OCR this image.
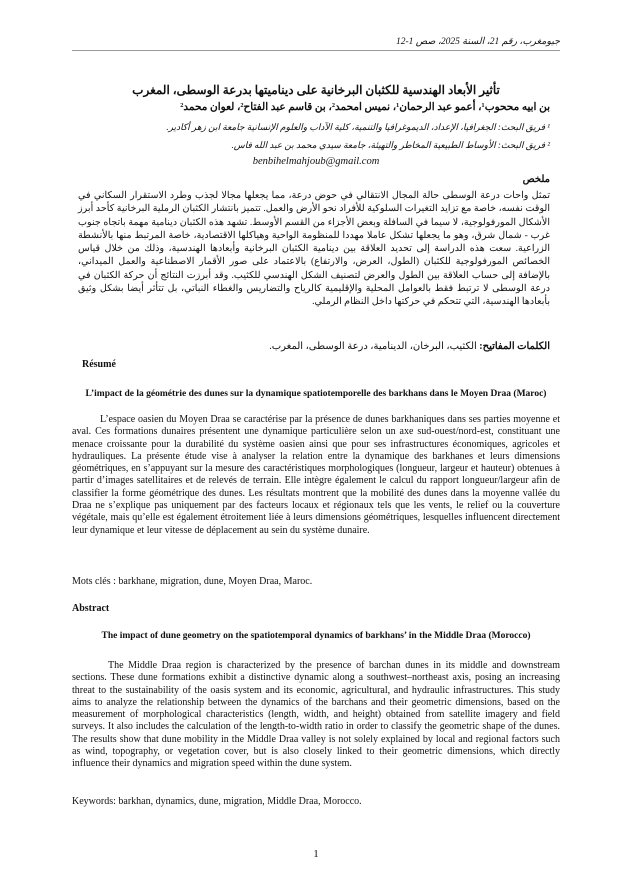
جيومغرب، رقم 21، السنة 2025، صص 1-12
تأثير الأبعاد الهندسية للكثبان البرخانية على ديناميتها بدرعة الوسطى، المغرب
بن ابيه مححوب¹، أعمو عبد الرحمان¹، نميس امحمد²، بن قاسم عبد الفتاح²، لعوان محمد²
¹ فريق البحث: الجغرافيا، الإعداد، الديموغرافيا والتنمية، كلية الآداب والعلوم الإنسانية جامعة ابن زهر أكادير.
² فريق البحث: الأوساط الطبيعية المخاطر والتهيئة، جامعة سيدي محمد بن عبد الله فاس.
benbihelmahjoub@gmail.com
ملخص
تمثل واحات درعة الوسطى حالة المجال الانتقالي في حوض درعة، مما يجعلها مجالا لجذب وطرد الاستقرار السكاني في الوقت نفسه، خاصة مع تزايد التغيرات السلوكية للأفراد نحو الأرض والعمل. تتميز بانتشار الكثبان الرملية البرخانية كأحد أبرز الأشكال المورفولوجية، لا سيما في السافلة وبعض الأجزاء من القسم الأوسط. تشهد هذه الكثبان دينامية مهمة باتجاه جنوب غرب - شمال شرق، وهو ما يجعلها تشكل عاملا مهددا للمنظومة الواحية وهياكلها الاقتصادية، خاصة المرتبط منها بالأنشطة الزراعية. سعت هذه الدراسة إلى تحديد العلاقة بين دينامية الكثبان البرخانية وأبعادها الهندسية، وذلك من خلال قياس الخصائص المورفولوجية للكثبان (الطول، العرض، والارتفاع) بالاعتماد على صور الأقمار الاصطناعية والعمل الميداني، بالإضافة إلى حساب العلاقة بين الطول والعرض لتصنيف الشكل الهندسي للكثيب. وقد أبرزت النتائج أن حركة الكثبان في درعة الوسطى لا ترتبط فقط بالعوامل المحلية والإقليمية كالرياح والتضاريس والغطاء النباتي، بل تتأثر أيضا بشكل وثيق بأبعادها الهندسية، التي تتحكم في حركتها داخل النظام الرملي.
الكلمات المفاتيح: الكثيب، البرخان، الدينامية، درعة الوسطى، المغرب.
Résumé
L’impact de la géométrie des dunes sur la dynamique spatiotemporelle des barkhans dans le Moyen Draa (Maroc)
L’espace oasien du Moyen Draa se caractérise par la présence de dunes barkhaniques dans ses parties moyenne et aval. Ces formations dunaires présentent une dynamique particulière selon un axe sud-ouest/nord-est, constituant une menace croissante pour la durabilité du système oasien ainsi que pour ses infrastructures économiques, agricoles et hydrauliques. La présente étude vise à analyser la relation entre la dynamique des barkhanes et leurs dimensions géométriques, en s’appuyant sur la mesure des caractéristiques morphologiques (longueur, largeur et hauteur) obtenues à partir d’images satellitaires et de relevés de terrain. Elle intègre également le calcul du rapport longueur/largeur afin de classifier la forme géométrique des dunes. Les résultats montrent que la mobilité des dunes dans la moyenne vallée du Draa ne s’explique pas uniquement par des facteurs locaux et régionaux tels que les vents, le relief ou la couverture végétale, mais qu’elle est également étroitement liée à leurs dimensions géométriques, lesquelles influencent directement leur dynamique et leur vitesse de déplacement au sein du système dunaire.
Mots clés : barkhane, migration, dune, Moyen Draa, Maroc.
Abstract
The impact of dune geometry on the spatiotemporal dynamics of barkhans’ in the Middle Draa (Morocco)
The Middle Draa region is characterized by the presence of barchan dunes in its middle and downstream sections. These dune formations exhibit a distinctive dynamic along a southwest–northeast axis, posing an increasing threat to the sustainability of the oasis system and its economic, agricultural, and hydraulic infrastructures. This study aims to analyze the relationship between the dynamics of the barchans and their geometric dimensions, based on the measurement of morphological characteristics (length, width, and height) obtained from satellite imagery and field surveys. It also includes the calculation of the length-to-width ratio in order to classify the geometric shape of the dunes. The results show that dune mobility in the Middle Draa valley is not solely explained by local and regional factors such as wind, topography, or vegetation cover, but is also closely linked to their geometric dimensions, which directly influence their dynamics and migration speed within the dune system.
Keywords: barkhan, dynamics, dune, migration, Middle Draa, Morocco.
1
